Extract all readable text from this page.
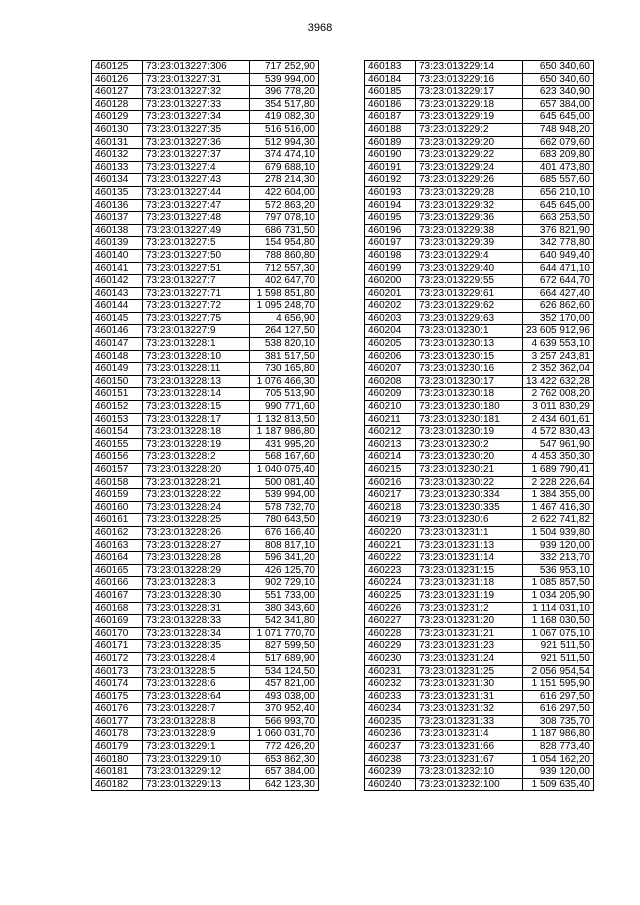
3968
460125	73:23:013227:306	717 252,90
460126	73:23:013227:31	539 994,00
460127	73:23:013227:32	396 778,20
460128	73:23:013227:33	354 517,80
460129	73:23:013227:34	419 082,30
460130	73:23:013227:35	516 516,00
460131	73:23:013227:36	512 994,30
460132	73:23:013227:37	374 474,10
460133	73:23:013227:4	679 688,10
460134	73:23:013227:43	278 214,30
460135	73:23:013227:44	422 604,00
460136	73:23:013227:47	572 863,20
460137	73:23:013227:48	797 078,10
460138	73:23:013227:49	686 731,50
460139	73:23:013227:5	154 954,80
460140	73:23:013227:50	788 860,80
460141	73:23:013227:51	712 557,30
460142	73:23:013227:7	402 647,70
460143	73:23:013227:71	1 598 851,80
460144	73:23:013227:72	1 095 248,70
460145	73:23:013227:75	4 656,90
460146	73:23:013227:9	264 127,50
460147	73:23:013228:1	538 820,10
460148	73:23:013228:10	381 517,50
460149	73:23:013228:11	730 165,80
460150	73:23:013228:13	1 076 466,30
460151	73:23:013228:14	705 513,90
460152	73:23:013228:15	990 771,60
460153	73:23:013228:17	1 132 813,50
460154	73:23:013228:18	1 187 986,80
460155	73:23:013228:19	431 995,20
460156	73:23:013228:2	568 167,60
460157	73:23:013228:20	1 040 075,40
460158	73:23:013228:21	500 081,40
460159	73:23:013228:22	539 994,00
460160	73:23:013228:24	578 732,70
460161	73:23:013228:25	780 643,50
460162	73:23:013228:26	676 166,40
460163	73:23:013228:27	808 817,10
460164	73:23:013228:28	596 341,20
460165	73:23:013228:29	426 125,70
460166	73:23:013228:3	902 729,10
460167	73:23:013228:30	551 733,00
460168	73:23:013228:31	380 343,60
460169	73:23:013228:33	542 341,80
460170	73:23:013228:34	1 071 770,70
460171	73:23:013228:35	827 599,50
460172	73:23:013228:4	517 689,90
460173	73:23:013228:5	534 124,50
460174	73:23:013228:6	457 821,00
460175	73:23:013228:64	493 038,00
460176	73:23:013228:7	370 952,40
460177	73:23:013228:8	566 993,70
460178	73:23:013228:9	1 060 031,70
460179	73:23:013229:1	772 426,20
460180	73:23:013229:10	653 862,30
460181	73:23:013229:12	657 384,00
460182	73:23:013229:13	642 123,30
460183	73:23:013229:14	650 340,60
460184	73:23:013229:16	650 340,60
460185	73:23:013229:17	623 340,90
460186	73:23:013229:18	657 384,00
460187	73:23:013229:19	645 645,00
460188	73:23:013229:2	748 948,20
460189	73:23:013229:20	662 079,60
460190	73:23:013229:22	683 209,80
460191	73:23:013229:24	401 473,80
460192	73:23:013229:26	685 557,60
460193	73:23:013229:28	656 210,10
460194	73:23:013229:32	645 645,00
460195	73:23:013229:36	663 253,50
460196	73:23:013229:38	376 821,90
460197	73:23:013229:39	342 778,80
460198	73:23:013229:4	640 949,40
460199	73:23:013229:40	644 471,10
460200	73:23:013229:55	672 644,70
460201	73:23:013229:61	664 427,40
460202	73:23:013229:62	626 862,60
460203	73:23:013229:63	352 170,00
460204	73:23:013230:1	23 605 912,96
460205	73:23:013230:13	4 639 553,10
460206	73:23:013230:15	3 257 243,81
460207	73:23:013230:16	2 352 362,04
460208	73:23:013230:17	13 422 632,28
460209	73:23:013230:18	2 762 008,20
460210	73:23:013230:180	3 011 830,29
460211	73:23:013230:181	2 434 601,61
460212	73:23:013230:19	4 572 830,43
460213	73:23:013230:2	547 961,90
460214	73:23:013230:20	4 453 350,30
460215	73:23:013230:21	1 689 790,41
460216	73:23:013230:22	2 228 226,64
460217	73:23:013230:334	1 384 355,00
460218	73:23:013230:335	1 467 416,30
460219	73:23:013230:6	2 622 741,82
460220	73:23:013231:1	1 504 939,80
460221	73:23:013231:13	939 120,00
460222	73:23:013231:14	332 213,70
460223	73:23:013231:15	536 953,10
460224	73:23:013231:18	1 085 857,50
460225	73:23:013231:19	1 034 205,90
460226	73:23:013231:2	1 114 031,10
460227	73:23:013231:20	1 168 030,50
460228	73:23:013231:21	1 067 075,10
460229	73:23:013231:23	921 511,50
460230	73:23:013231:24	921 511,50
460231	73:23:013231:25	2 056 954,54
460232	73:23:013231:30	1 151 595,90
460233	73:23:013231:31	616 297,50
460234	73:23:013231:32	616 297,50
460235	73:23:013231:33	308 735,70
460236	73:23:013231:4	1 187 986,80
460237	73:23:013231:66	828 773,40
460238	73:23:013231:67	1 054 162,20
460239	73:23:013232:10	939 120,00
460240	73:23:013232:100	1 509 635,40
